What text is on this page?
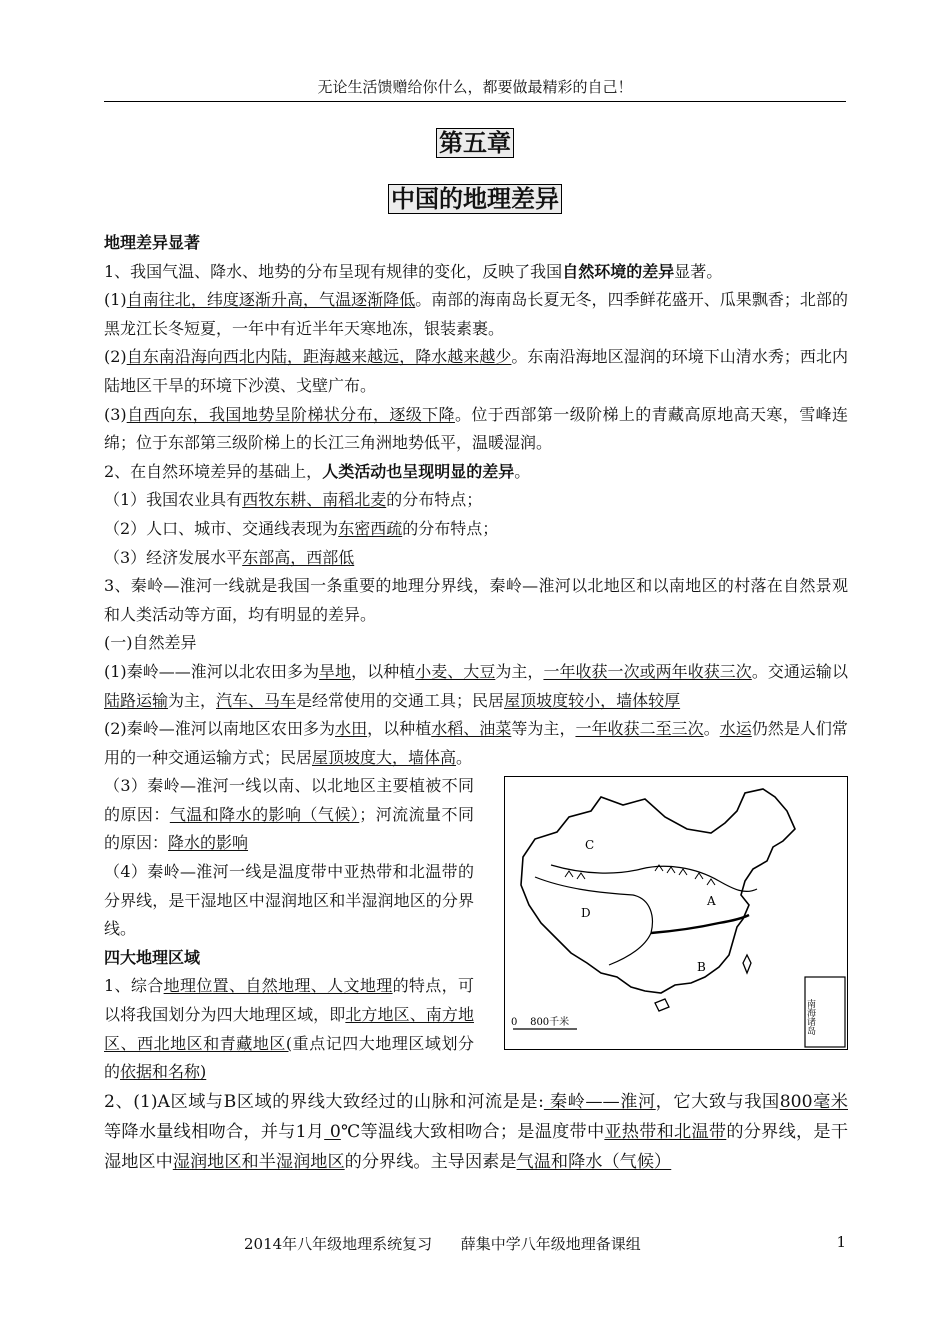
无论生活馈赠给你什么，都要做最精彩的自己！
第五章
中国的地理差异

地理差异显著

1、我国气温、降水、地势的分布呈现有规律的变化，反映了我国自然环境的差异显著。

(1)自南往北，纬度逐渐升高，气温逐渐降低。南部的海南岛长夏无冬，四季鲜花盛开、瓜果飘香；北部的黑龙江长冬短夏，一年中有近半年天寒地冻，银装素裹。

(2)自东南沿海向西北内陆，距海越来越远，降水越来越少。东南沿海地区湿润的环境下山清水秀；西北内陆地区干旱的环境下沙漠、戈壁广布。

(3)自西向东，我国地势呈阶梯状分布，逐级下降。位于西部第一级阶梯上的青藏高原地高天寒，雪峰连绵；位于东部第三级阶梯上的长江三角洲地势低平，温暖湿润。

2、在自然环境差异的基础上，人类活动也呈现明显的差异。

（1）我国农业具有西牧东耕、南稻北麦的分布特点；

（2）人口、城市、交通线表现为东密西疏的分布特点；

（3）经济发展水平东部高，西部低

3、秦岭—淮河一线就是我国一条重要的地理分界线，秦岭—淮河以北地区和以南地区的村落在自然景观和人类活动等方面，均有明显的差异。

(一)自然差异

(1)秦岭——淮河以北农田多为旱地，以种植小麦、大豆为主，一年收获一次或两年收获三次。交通运输以陆路运输为主，汽车、马车是经常使用的交通工具；民居屋顶坡度较小，墙体较厚

(2)秦岭—淮河以南地区农田多为水田，以种植水稻、油菜等为主，一年收获二至三次。水运仍然是人们常用的一种交通运输方式；民居屋顶坡度大，墙体高。

南海诸岛
A
B
C
D
0    800千米

（3）秦岭—淮河一线以南、以北地区主要植被不同的原因：气温和降水的影响（气候）；河流流量不同的原因：降水的影响

（4）秦岭—淮河一线是温度带中亚热带和北温带的分界线，是干湿地区中湿润地区和半湿润地区的分界线。

四大地理区域

1、综合地理位置、自然地理、人文地理的特点，可以将我国划分为四大地理区域，即北方地区、南方地区、西北地区和青藏地区(重点记四大地理区域划分的依据和名称)

2、(1)A区域与B区域的界线大致经过的山脉和河流是是: 秦岭——淮河，它大致与我国800毫米 等降水量线相吻合，并与1月 0℃等温线大致相吻合；是温度带中亚热带和北温带的分界线，是干湿地区中湿润地区和半湿润地区的分界线。主导因素是气温和降水（气候）

2014年八年级地理系统复习 薛集中学八年级地理备课组	1
